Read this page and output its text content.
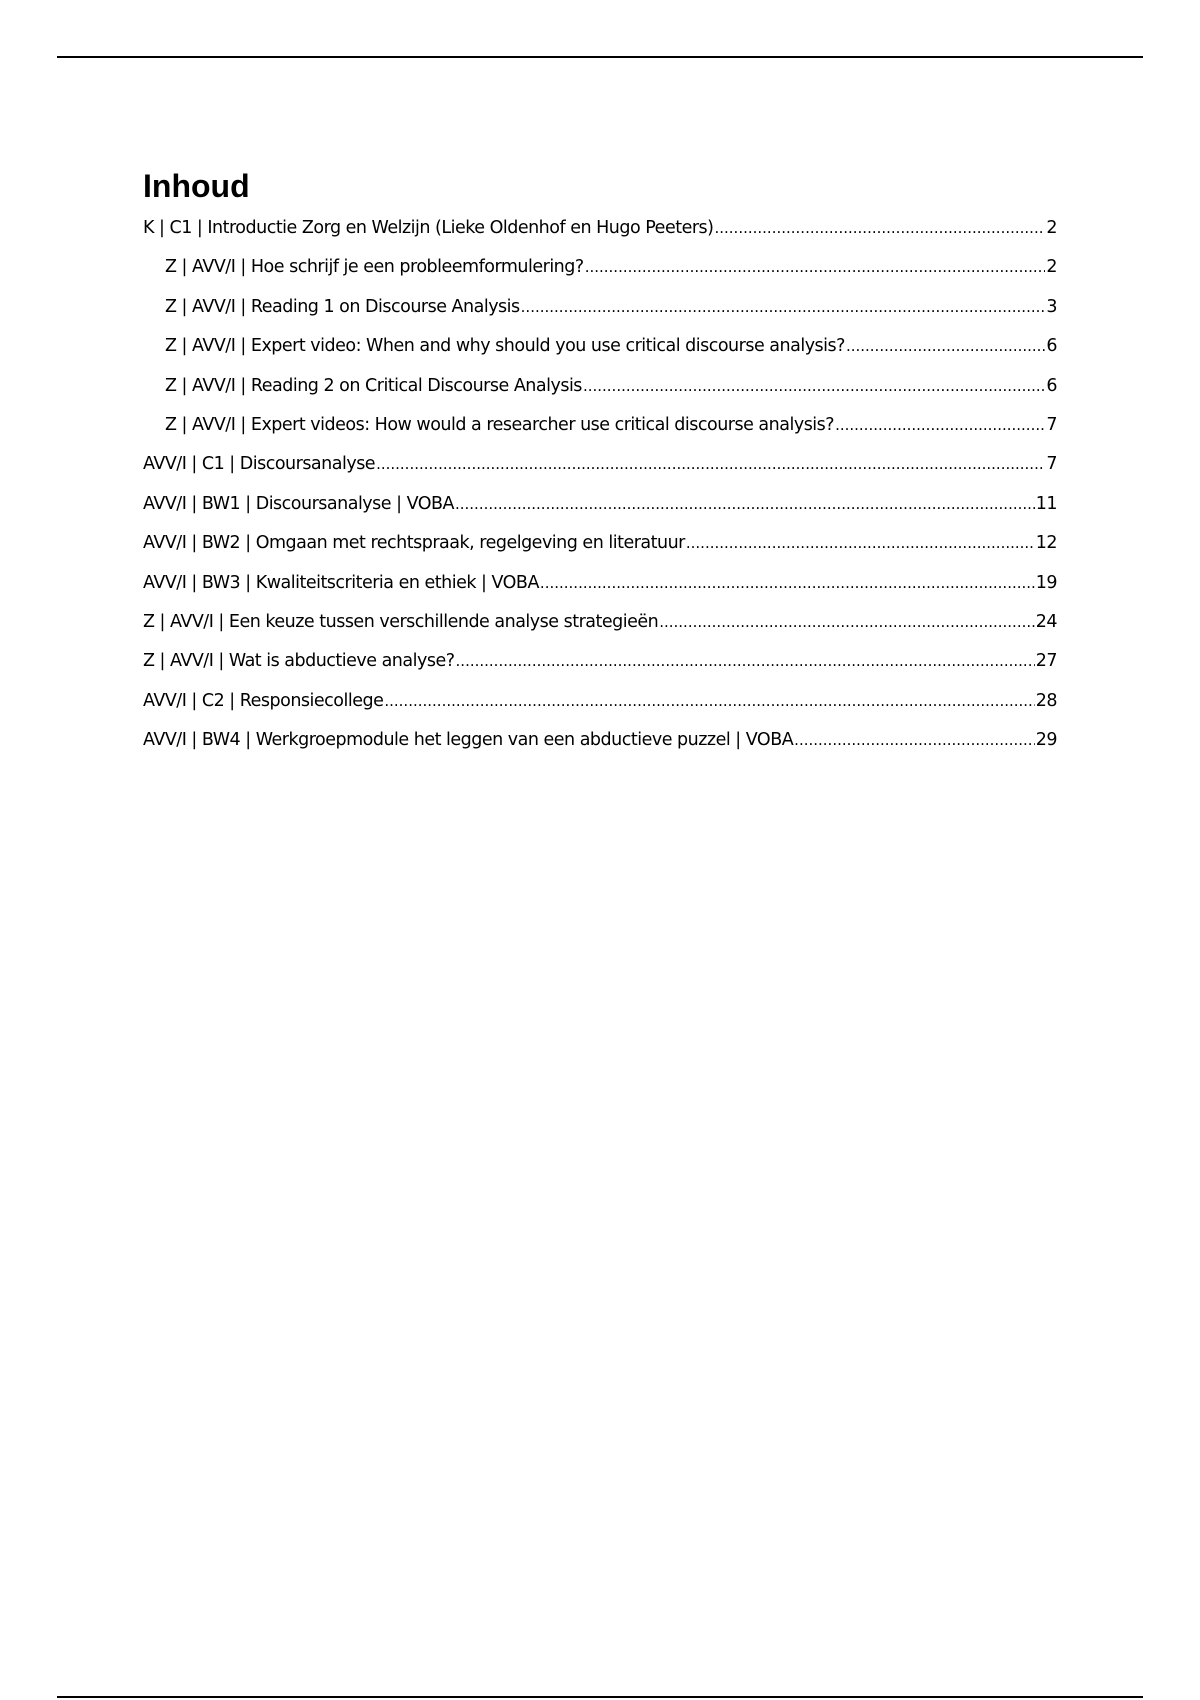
Inhoud
K | C1 | Introductie Zorg en Welzijn (Lieke Oldenhof en Hugo Peeters) .....	2
Z | AVV/I | Hoe schrijf je een probleemformulering? .....	2
Z | AVV/I | Reading 1 on Discourse Analysis .....	3
Z | AVV/I | Expert video: When and why should you use critical discourse analysis? .....	6
Z | AVV/I | Reading 2 on Critical Discourse Analysis .....	6
Z | AVV/I | Expert videos: How would a researcher use critical discourse analysis? .....	7
AVV/I | C1 | Discoursanalyse .....	7
AVV/I | BW1 | Discoursanalyse | VOBA .....	11
AVV/I | BW2 | Omgaan met rechtspraak, regelgeving en literatuur .....	12
AVV/I | BW3 | Kwaliteitscriteria en ethiek | VOBA .....	19
Z | AVV/I | Een keuze tussen verschillende analyse strategieën .....	24
Z | AVV/I | Wat is abductieve analyse? .....	27
AVV/I | C2 | Responsiecollege .....	28
AVV/I | BW4 | Werkgroepmodule het leggen van een abductieve puzzel | VOBA .....	29
